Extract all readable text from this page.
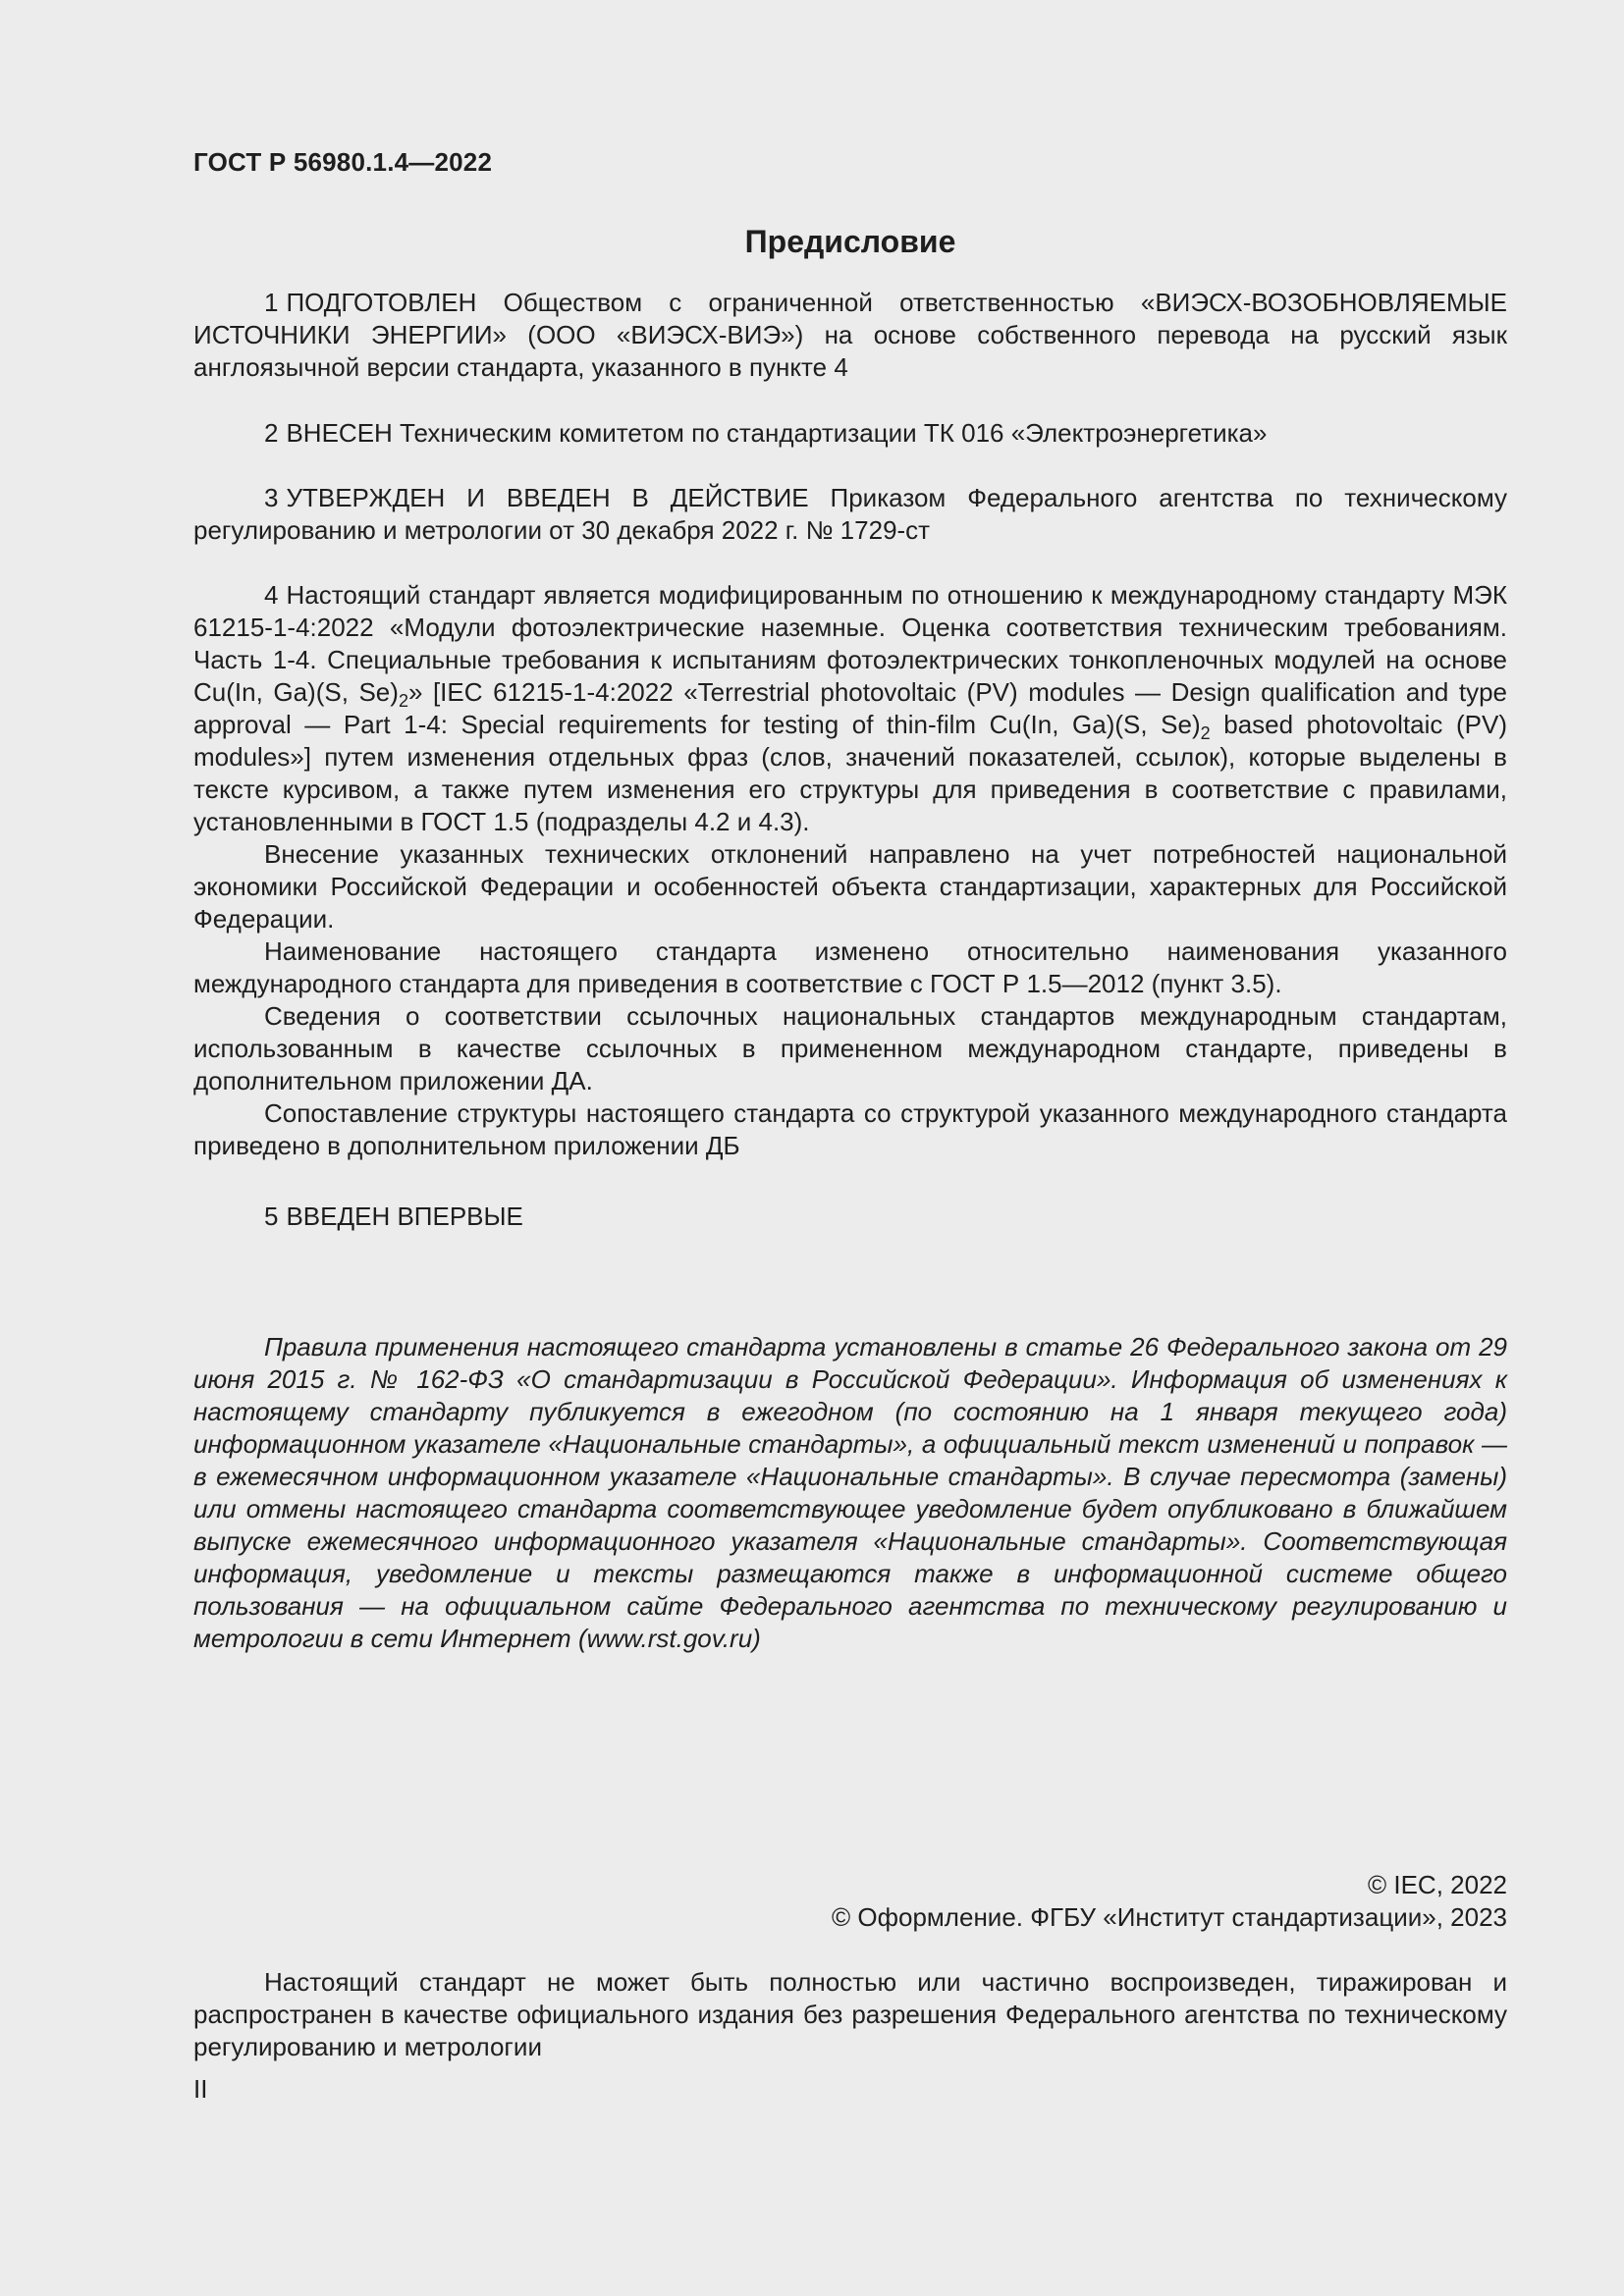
ГОСТ Р 56980.1.4—2022
Предисловие

1 ПОДГОТОВЛЕН Обществом с ограниченной ответственностью «ВИЭСХ-ВОЗОБНОВЛЯЕМЫЕ ИСТОЧНИКИ ЭНЕРГИИ» (ООО «ВИЭСХ-ВИЭ») на основе собственного перевода на русский язык англоязычной версии стандарта, указанного в пункте 4

2 ВНЕСЕН Техническим комитетом по стандартизации ТК 016 «Электроэнергетика»

3 УТВЕРЖДЕН И ВВЕДЕН В ДЕЙСТВИЕ Приказом Федерального агентства по техническому регулированию и метрологии от 30 декабря 2022 г. № 1729-ст

4 Настоящий стандарт является модифицированным по отношению к международному стандарту МЭК 61215-1-4:2022 «Модули фотоэлектрические наземные. Оценка соответствия техническим требованиям. Часть 1-4. Специальные требования к испытаниям фотоэлектрических тонкопленочных модулей на основе Cu(In, Ga)(S, $Se)_2$» [IEC 61215-1-4:2022 «Terrestrial photovoltaic (PV) modules — Design qualification and type approval — Part 1-4: Special requirements for testing of thin-film Cu(In, Ga)(S, $Se)_2$ based photovoltaic (PV) modules»] путем изменения отдельных фраз (слов, значений показателей, ссылок), которые выделены в тексте курсивом, а также путем изменения его структуры для приведения в соответствие с правилами, установленными в ГОСТ 1.5 (подразделы 4.2 и 4.3).

Внесение указанных технических отклонений направлено на учет потребностей национальной экономики Российской Федерации и особенностей объекта стандартизации, характерных для Российской Федерации.

Наименование настоящего стандарта изменено относительно наименования указанного международного стандарта для приведения в соответствие с ГОСТ Р 1.5—2012 (пункт 3.5).

Сведения о соответствии ссылочных национальных стандартов международным стандартам, использованным в качестве ссылочных в примененном международном стандарте, приведены в дополнительном приложении ДА.

Сопоставление структуры настоящего стандарта со структурой указанного международного стандарта приведено в дополнительном приложении ДБ

5 ВВЕДЕН ВПЕРВЫЕ

Правила применения настоящего стандарта установлены в статье 26 Федерального закона от 29 июня 2015 г. № 162-ФЗ «О стандартизации в Российской Федерации». Информация об изменениях к настоящему стандарту публикуется в ежегодном (по состоянию на 1 января текущего года) информационном указателе «Национальные стандарты», а официальный текст изменений и поправок — в ежемесячном информационном указателе «Национальные стандарты». В случае пересмотра (замены) или отмены настоящего стандарта соответствующее уведомление будет опубликовано в ближайшем выпуске ежемесячного информационного указателя «Национальные стандарты». Соответствующая информация, уведомление и тексты размещаются также в информационной системе общего пользования — на официальном сайте Федерального агентства по техническому регулированию и метрологии в сети Интернет (www.rst.gov.ru)

© IEC, 2022
© Оформление. ФГБУ «Институт стандартизации», 2023

Настоящий стандарт не может быть полностью или частично воспроизведен, тиражирован и распространен в качестве официального издания без разрешения Федерального агентства по техническому регулированию и метрологии

II
